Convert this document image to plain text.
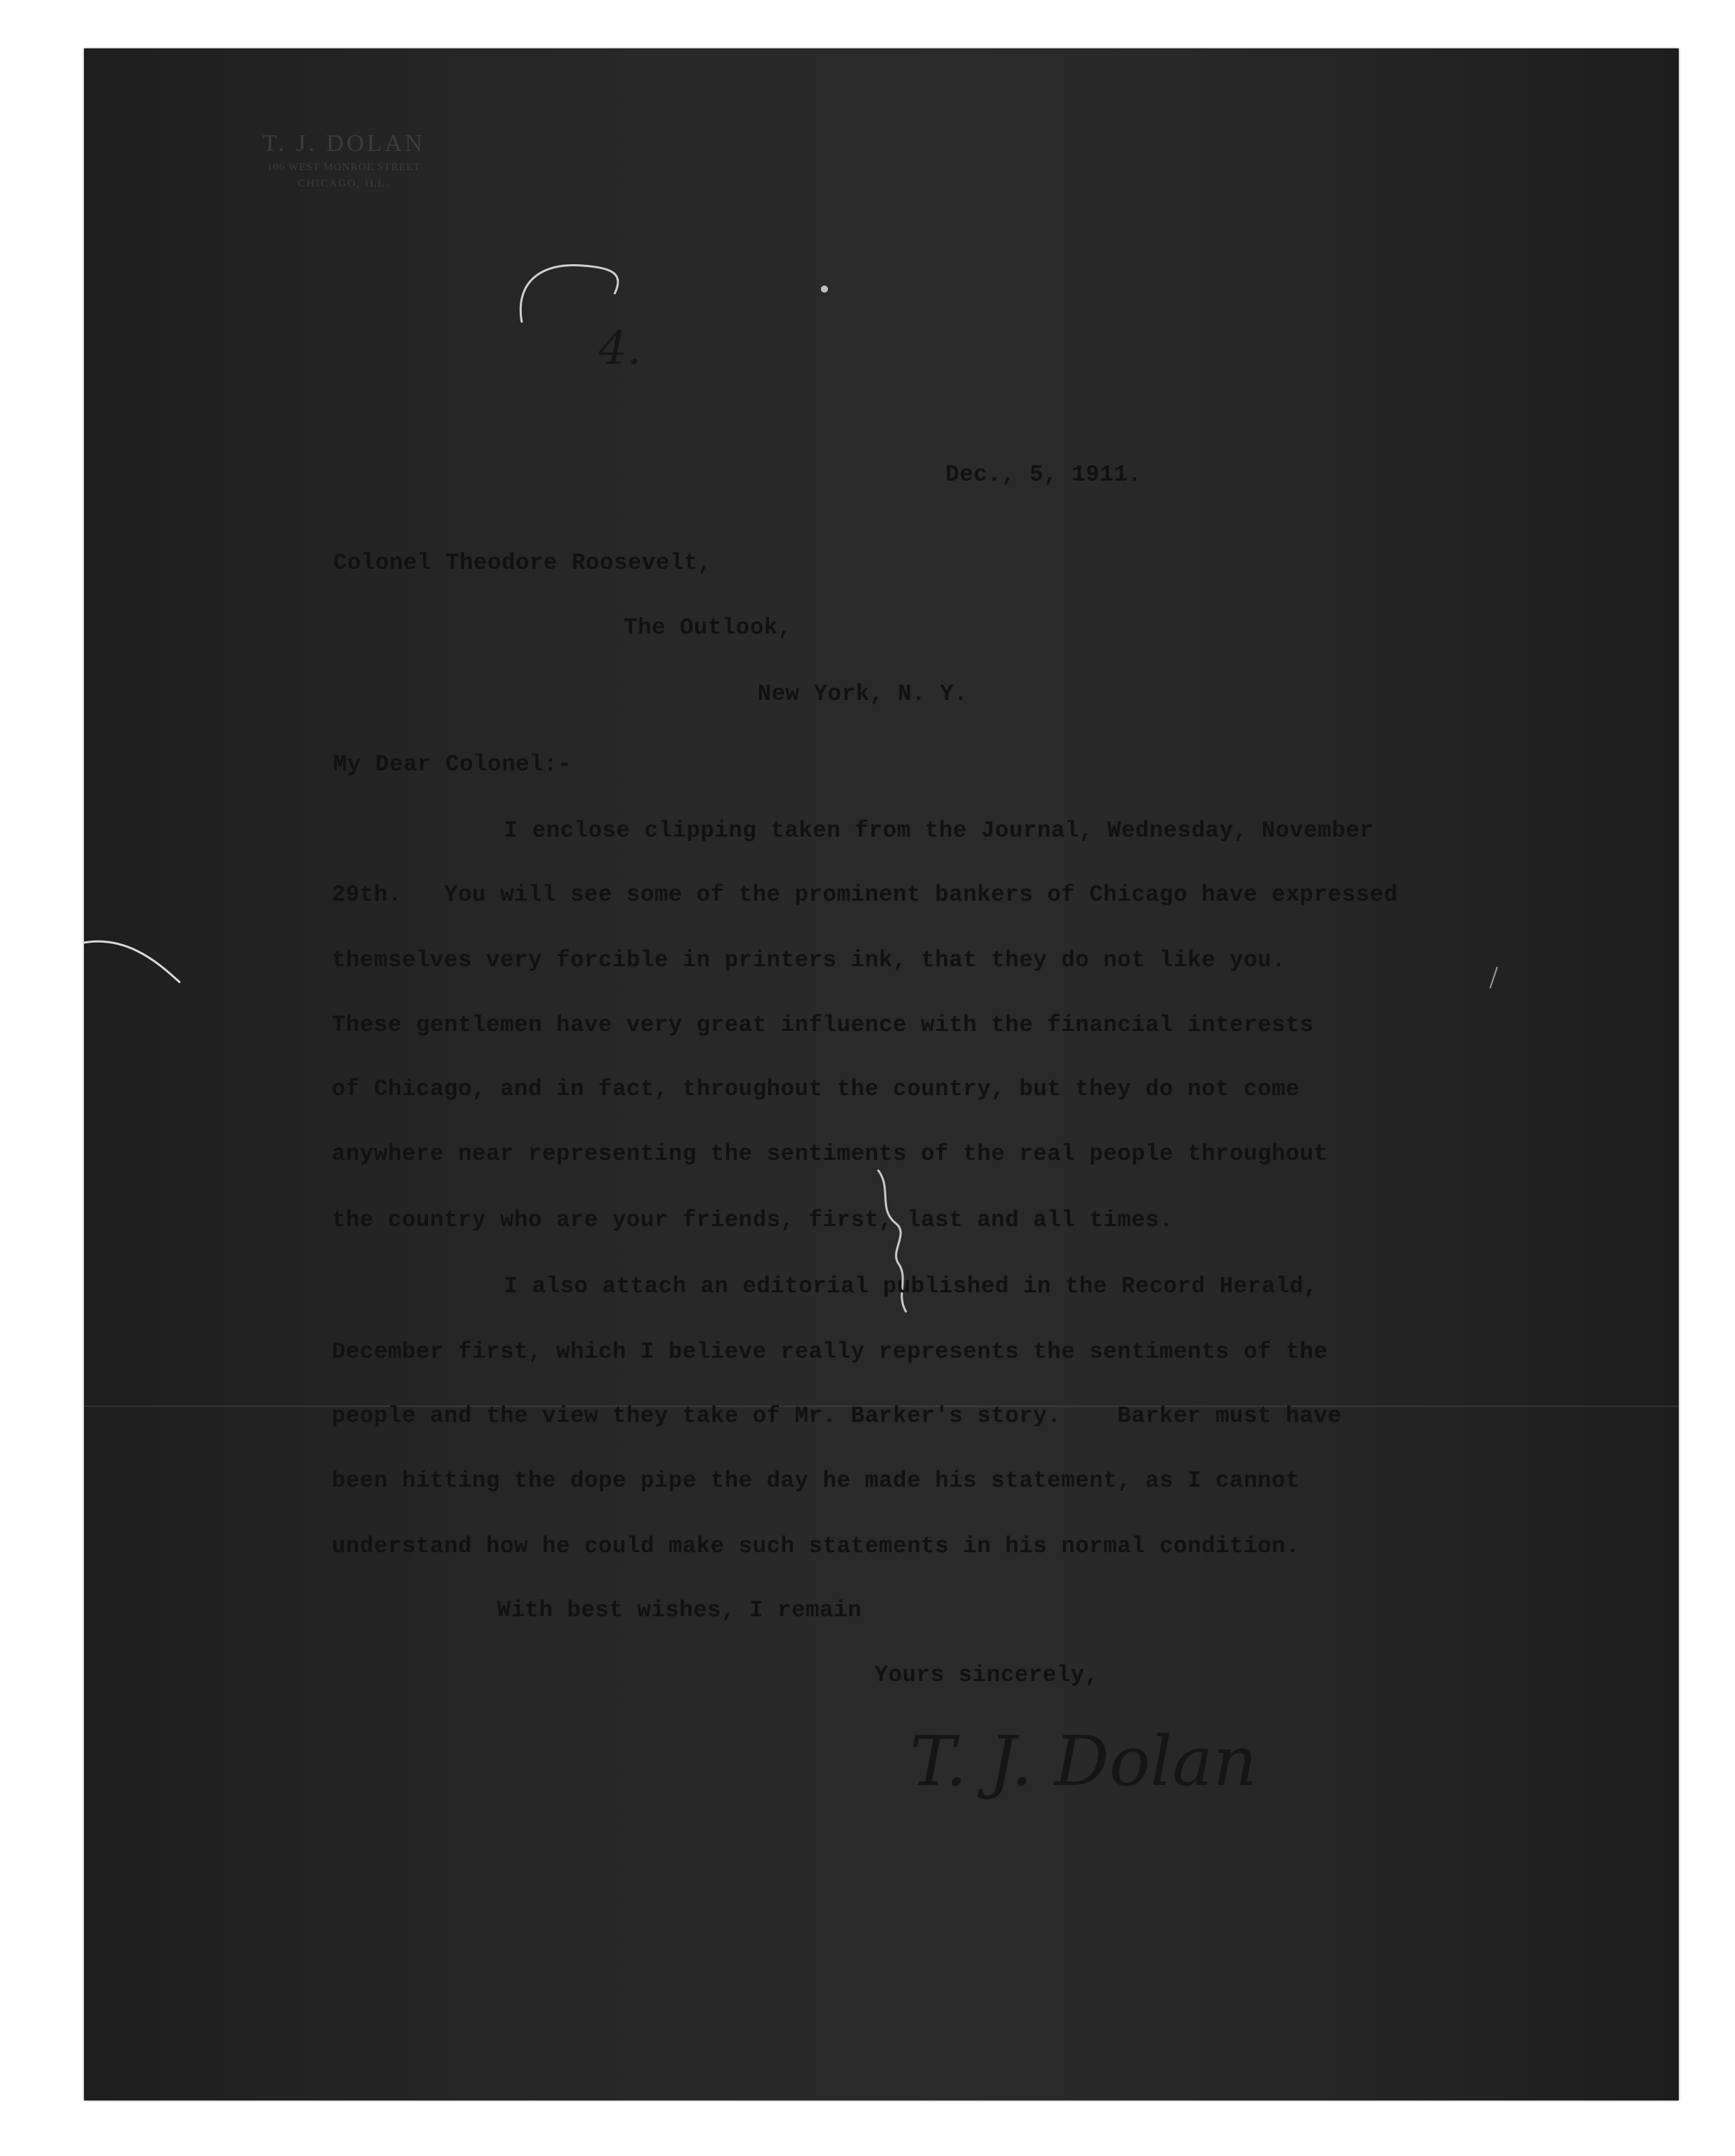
T. J. DOLAN
106 WEST MONROE STREET
CHICAGO, ILL.
4.
Dec., 5, 1911.
Colonel Theodore Roosevelt,
The Outlook,
New York, N. Y.
My Dear Colonel:-
I enclose clipping taken from the Journal, Wednesday, November
29th.   You will see some of the prominent bankers of Chicago have expressed
themselves very forcible in printers ink, that they do not like you.
These gentlemen have very great influence with the financial interests
of Chicago, and in fact, throughout the country, but they do not come
anywhere near representing the sentiments of the real people throughout
the country who are your friends, first, last and all times.
I also attach an editorial published in the Record Herald,
December first, which I believe really represents the sentiments of the
people and the view they take of Mr. Barker's story.    Barker must have
been hitting the dope pipe the day he made his statement, as I cannot
understand how he could make such statements in his normal condition.
With best wishes, I remain
Yours sincerely,
T. J. Dolan
